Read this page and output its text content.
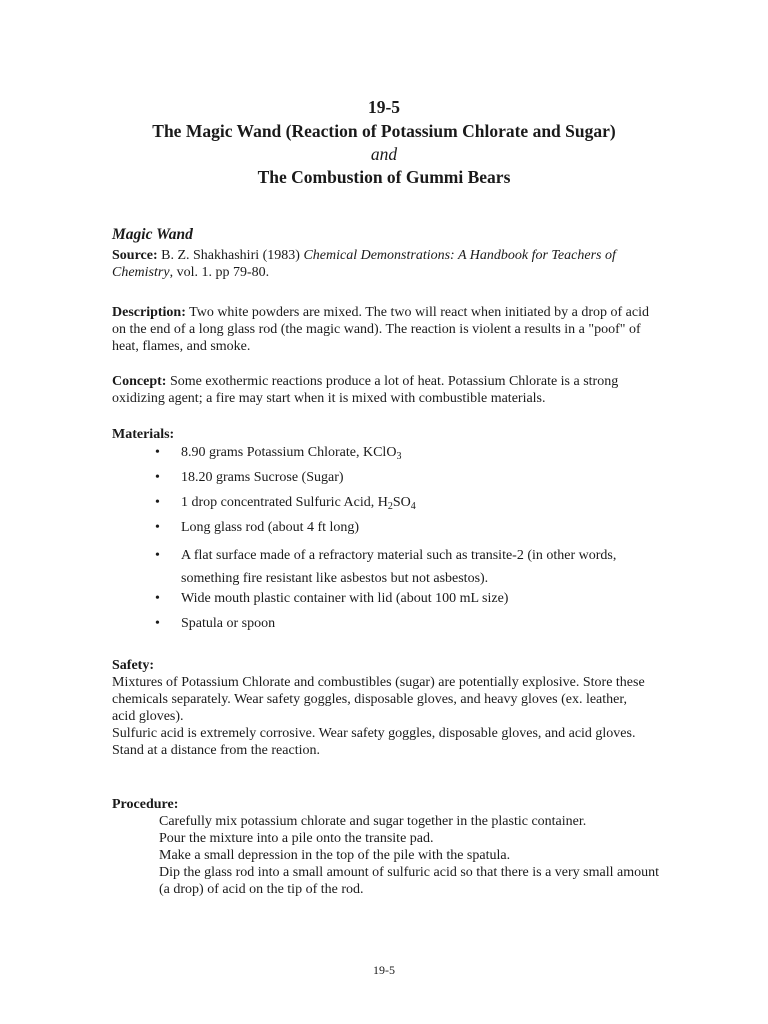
19-5
The Magic Wand (Reaction of Potassium Chlorate and Sugar)
and
The Combustion of Gummi Bears
Magic Wand
Source: B. Z. Shakhashiri (1983) Chemical Demonstrations: A Handbook for Teachers of Chemistry, vol. 1. pp 79-80.
Description: Two white powders are mixed. The two will react when initiated by a drop of acid on the end of a long glass rod (the magic wand). The reaction is violent a results in a "poof" of heat, flames, and smoke.
Concept: Some exothermic reactions produce a lot of heat. Potassium Chlorate is a strong oxidizing agent; a fire may start when it is mixed with combustible materials.
Materials:
• 8.90 grams Potassium Chlorate, KClO$_3$
• 18.20 grams Sucrose (Sugar)
• 1 drop concentrated Sulfuric Acid, $H_2SO_4$
• Long glass rod (about 4 ft long)
• A flat surface made of a refractory material such as transite-2 (in other words, something fire resistant like asbestos but not asbestos).
• Wide mouth plastic container with lid (about 100 mL size)
• Spatula or spoon
Safety:
Mixtures of Potassium Chlorate and combustibles (sugar) are potentially explosive. Store these chemicals separately. Wear safety goggles, disposable gloves, and heavy gloves (ex. leather, acid gloves).
Sulfuric acid is extremely corrosive. Wear safety goggles, disposable gloves, and acid gloves.
Stand at a distance from the reaction.
Procedure:
Carefully mix potassium chlorate and sugar together in the plastic container.
Pour the mixture into a pile onto the transite pad.
Make a small depression in the top of the pile with the spatula.
Dip the glass rod into a small amount of sulfuric acid so that there is a very small amount (a drop) of acid on the tip of the rod.
19-5
